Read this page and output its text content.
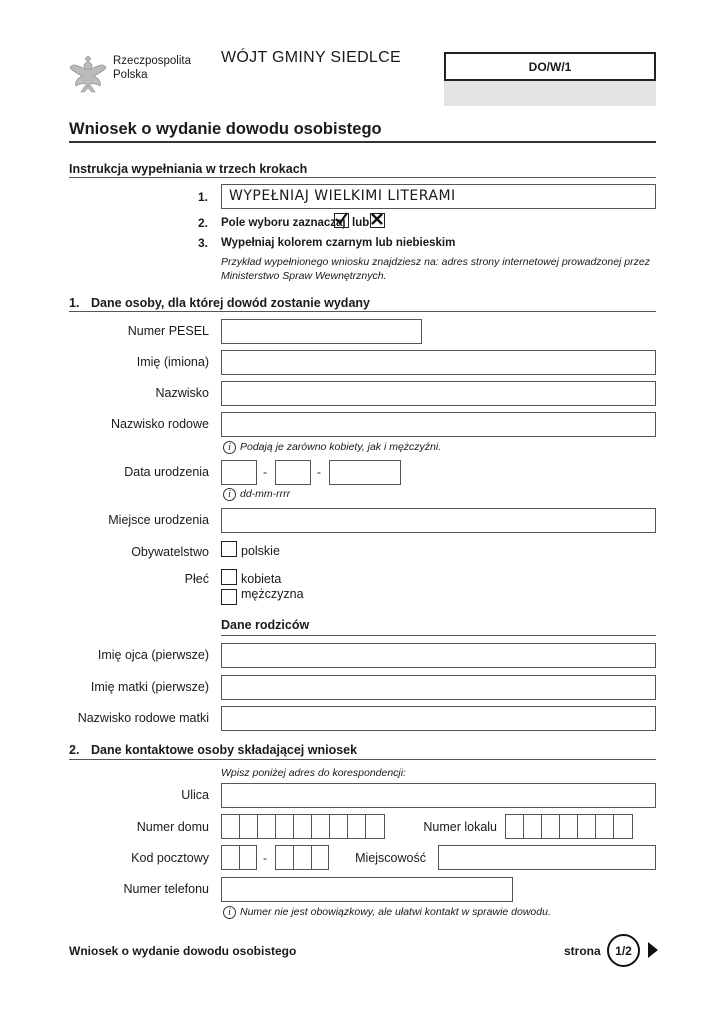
Rzeczpospolita
Polska
WÓJT GMINY SIEDLCE
DO/W/1
Wniosek o wydanie dowodu osobistego
Instrukcja wypełniania w trzech krokach
1. WYPEŁNIAJ WIELKIMI LITERAMI
2. Pole wyboru zaznaczaj lub
3. Wypełniaj kolorem czarnym lub niebieskim
Przykład wypełnionego wniosku znajdziesz na: adres strony internetowej prowadzonej przez
Ministerstwo Spraw Wewnętrznych.
1. Dane osoby, dla której dowód zostanie wydany
Numer PESEL
Imię (imiona)
Nazwisko
Nazwisko rodowe
i Podają je zarówno kobiety, jak i mężczyźni.
Data urodzenia	-	-
i dd-mm-rrrr
Miejsce urodzenia
Obywatelstwo	polskie
Płeć	kobieta
mężczyzna
Dane rodziców
Imię ojca (pierwsze)
Imię matki (pierwsze)
Nazwisko rodowe matki
2. Dane kontaktowe osoby składającej wniosek
Wpisz poniżej adres do korespondencji:
Ulica
Numer domu	Numer lokalu
Kod pocztowy	-	Miejscowość
Numer telefonu
i Numer nie jest obowiązkowy, ale ułatwi kontakt w sprawie dowodu.
Wniosek o wydanie dowodu osobistego	strona	1/2
